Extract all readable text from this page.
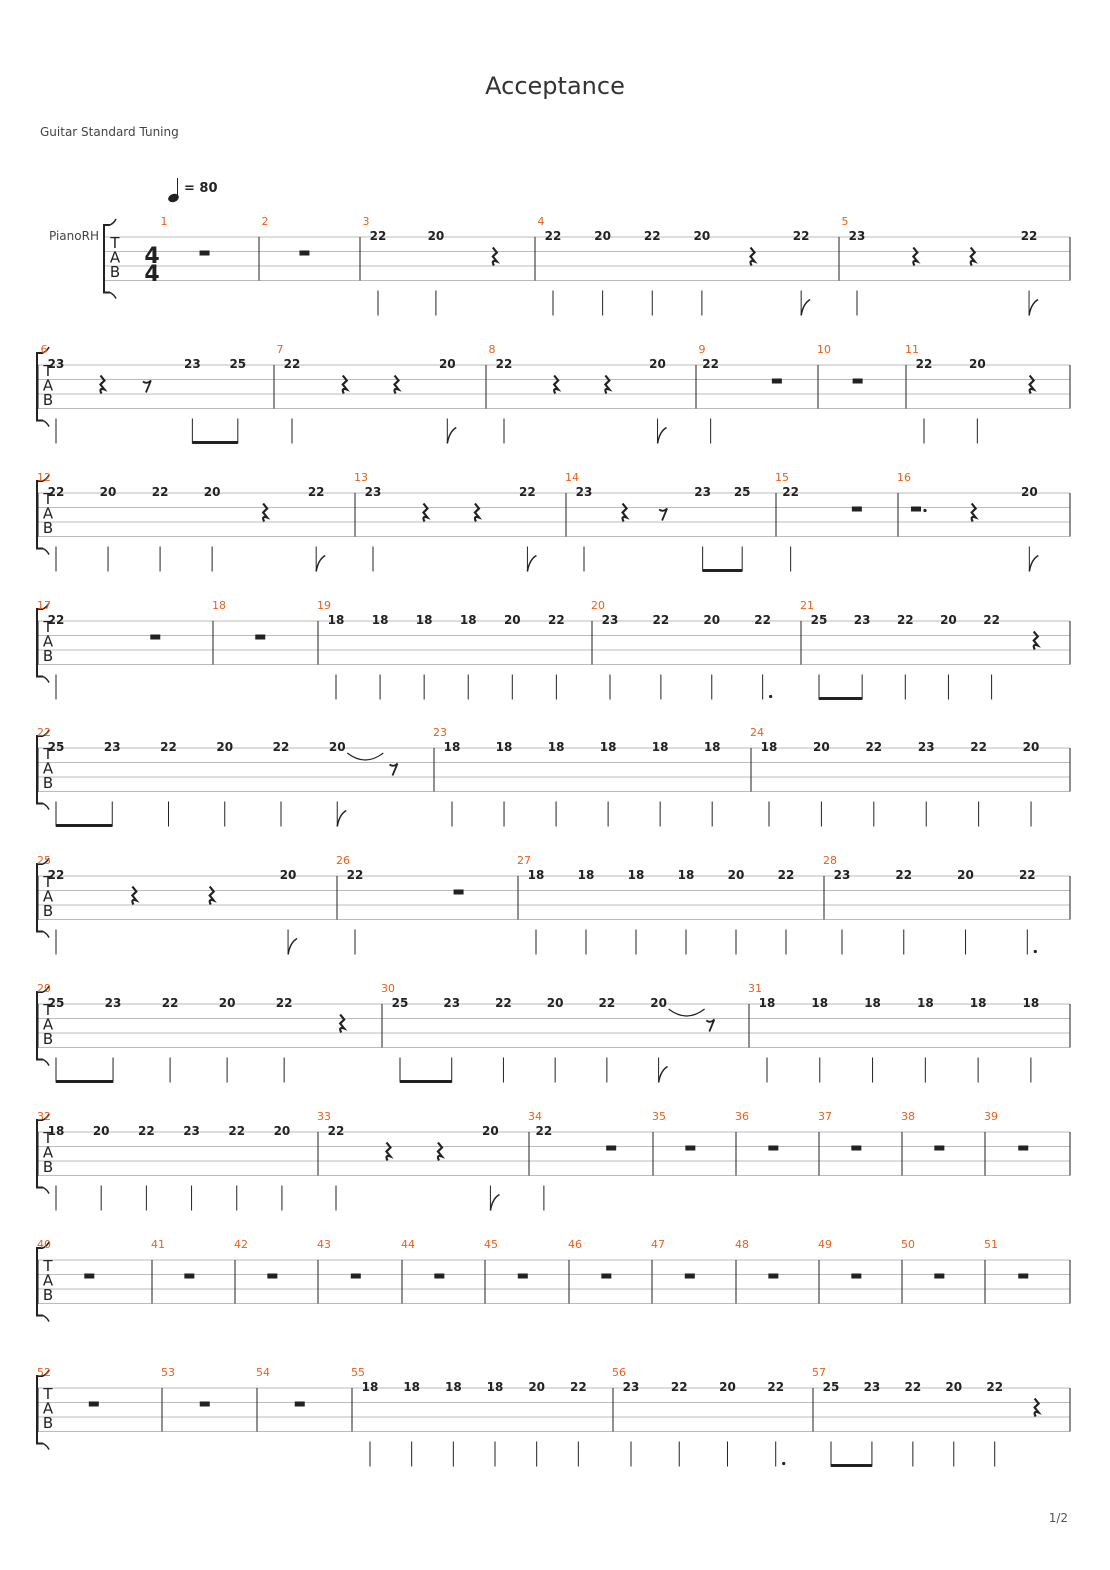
Acceptance
Guitar Standard Tuning
= 80
T
A
B
PianoRH
4
4
1	2	3
22	20
4
22	20	22	20	22
5
23	22
T
A
B
6
23	23 25
7
22	20
8
22	20
9
22
10	11
22	20
T
A
B
12
22	20	22	20	22
13
23	22
14
23	23 25
15
22
16
20
T
A
B
17
22
18	19
18 18 18 18 20 22
20
23	22	20	22
21
25 23 22 20 22
T
A
B
22
25	23	22	20	22	20
23
18	18	18	18	18	18
24
18	20	22	23	22	20
T
A
B
25
22	20
26
22
27
18	18	18	18	20	22
28
23	22	20	22
T
A
B
29
25	23	22	20	22
30
25	23	22	20	22	20
31
18	18	18	18	18	18
T
A
B
32
18 20 22 23 22 20
33
22	20
34
22
35	36	37	38	39
T
A
B
40	41	42	43	44	45	46	47	48	49	50	51
T
A
B
52	53	54	55
18 18 18 18 20 22
56
23	22	20	22
57
25 23 22 20 22
1/2
